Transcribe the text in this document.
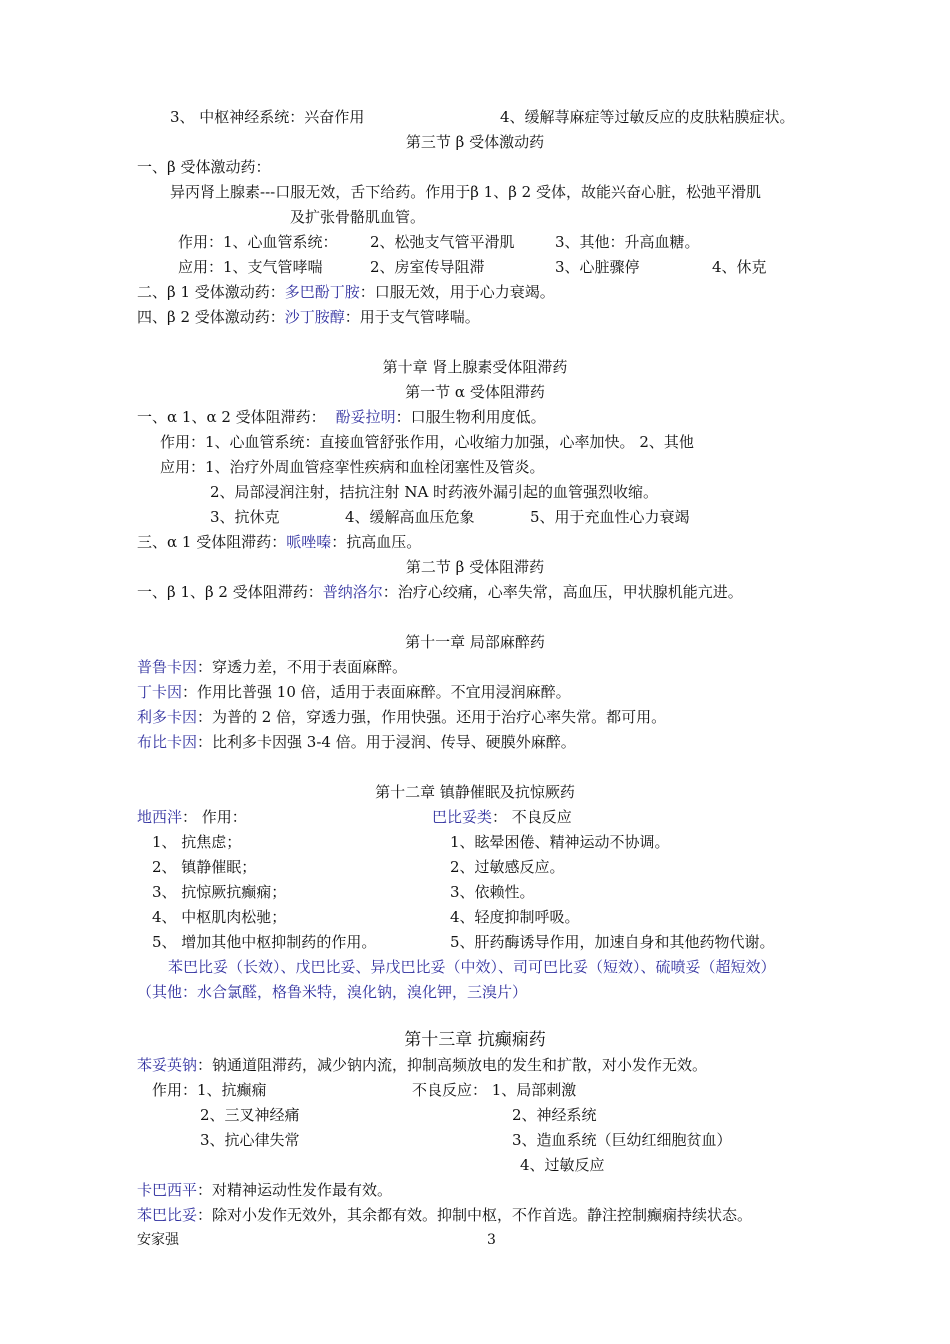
3、 中枢神经系统：兴奋作用	4、缓解荨麻症等过敏反应的皮肤粘膜症状。
第三节 β 受体激动药
一、β 受体激动药：
异丙肾上腺素---口服无效，舌下给药。作用于β 1、β 2 受体，故能兴奋心脏，松弛平滑肌
及扩张骨骼肌血管。
作用：1、心血管系统： 2、松弛支气管平滑肌	3、其他：升高血糖。
应用：1、支气管哮喘	2、房室传导阻滞	3、心脏骤停	4、休克
二、β 1 受体激动药：多巴酚丁胺：口服无效，用于心力衰竭。
四、β 2 受体激动药：沙丁胺醇：用于支气管哮喘。
第十章 肾上腺素受体阻滞药
第一节 α 受体阻滞药
一、α 1、α 2 受体阻滞药： 酚妥拉明：口服生物利用度低。
作用：1、心血管系统：直接血管舒张作用，心收缩力加强，心率加快。 2、其他
应用：1、治疗外周血管痉挛性疾病和血栓闭塞性及管炎。
2、局部浸润注射，拮抗注射 NA 时药液外漏引起的血管强烈收缩。
3、抗休克	4、缓解高血压危象	5、用于充血性心力衰竭
三、α 1 受体阻滞药：哌唑嗪：抗高血压。
第二节 β 受体阻滞药
一、β 1、β 2 受体阻滞药：普纳洛尔：治疗心绞痛，心率失常，高血压，甲状腺机能亢进。
第十一章 局部麻醉药
普鲁卡因：穿透力差，不用于表面麻醉。
丁卡因：作用比普强 10 倍，适用于表面麻醉。不宜用浸润麻醉。
利多卡因：为普的 2 倍，穿透力强，作用快强。还用于治疗心率失常。都可用。
布比卡因：比利多卡因强 3-4 倍。用于浸润、传导、硬膜外麻醉。
第十二章 镇静催眠及抗惊厥药
地西泮： 作用：	巴比妥类： 不良反应
1、 抗焦虑；	1、眩晕困倦、精神运动不协调。
2、 镇静催眠；	2、过敏感反应。
3、 抗惊厥抗癫痫；	3、依赖性。
4、 中枢肌肉松驰；	4、轻度抑制呼吸。
5、 增加其他中枢抑制药的作用。	5、肝药酶诱导作用，加速自身和其他药物代谢。
苯巴比妥（长效）、戊巴比妥、异戊巴比妥（中效）、司可巴比妥（短效）、硫喷妥（超短效）
（其他：水合氯醛，格鲁米特，溴化钠，溴化钾，三溴片）
第十三章 抗癫痫药
苯妥英钠：钠通道阻滞药，减少钠内流，抑制高频放电的发生和扩散，对小发作无效。
作用：1、抗癫痫	不良反应： 1、局部刺激
2、三叉神经痛	2、神经系统
3、抗心律失常	3、造血系统（巨幼红细胞贫血）
4、过敏反应
卡巴西平：对精神运动性发作最有效。
苯巴比妥：除对小发作无效外，其余都有效。抑制中枢，不作首选。静注控制癫痫持续状态。
安家强	3
